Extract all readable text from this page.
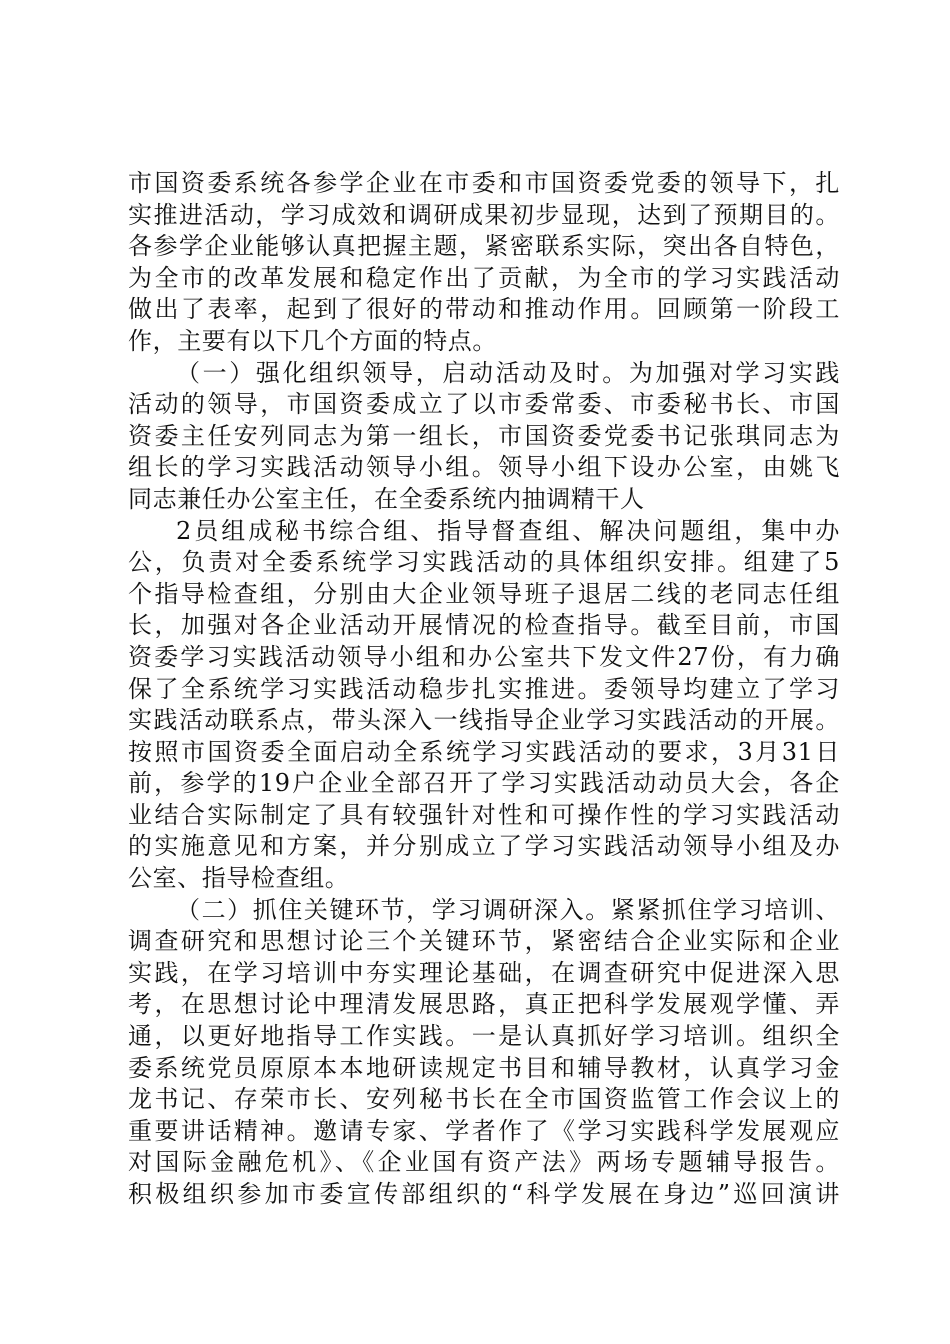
市国资委系统各参学企业在市委和市国资委党委的领导下，扎
实推进活动，学习成效和调研成果初步显现，达到了预期目的。
各参学企业能够认真把握主题，紧密联系实际，突出各自特色，
为全市的改革发展和稳定作出了贡献，为全市的学习实践活动
做出了表率，起到了很好的带动和推动作用。回顾第一阶段工
作，主要有以下几个方面的特点。
（一）强化组织领导，启动活动及时。为加强对学习实践
活动的领导，市国资委成立了以市委常委、市委秘书长、市国
资委主任安列同志为第一组长，市国资委党委书记张琪同志为
组长的学习实践活动领导小组。领导小组下设办公室，由姚飞
同志兼任办公室主任，在全委系统内抽调精干人
2员组成秘书综合组、指导督查组、解决问题组，集中办
公，负责对全委系统学习实践活动的具体组织安排。组建了5
个指导检查组，分别由大企业领导班子退居二线的老同志任组
长，加强对各企业活动开展情况的检查指导。截至目前，市国
资委学习实践活动领导小组和办公室共下发文件27份，有力确
保了全系统学习实践活动稳步扎实推进。委领导均建立了学习
实践活动联系点，带头深入一线指导企业学习实践活动的开展。
按照市国资委全面启动全系统学习实践活动的要求，3月31日
前，参学的19户企业全部召开了学习实践活动动员大会，各企
业结合实际制定了具有较强针对性和可操作性的学习实践活动
的实施意见和方案，并分别成立了学习实践活动领导小组及办
公室、指导检查组。
（二）抓住关键环节，学习调研深入。紧紧抓住学习培训、
调查研究和思想讨论三个关键环节，紧密结合企业实际和企业
实践，在学习培训中夯实理论基础，在调查研究中促进深入思
考，在思想讨论中理清发展思路，真正把科学发展观学懂、弄
通，以更好地指导工作实践。一是认真抓好学习培训。组织全
委系统党员原原本本地研读规定书目和辅导教材，认真学习金
龙书记、存荣市长、安列秘书长在全市国资监管工作会议上的
重要讲话精神。邀请专家、学者作了《学习实践科学发展观应
对国际金融危机》、《企业国有资产法》两场专题辅导报告。
积极组织参加市委宣传部组织的“科学发展在身边”巡回演讲
